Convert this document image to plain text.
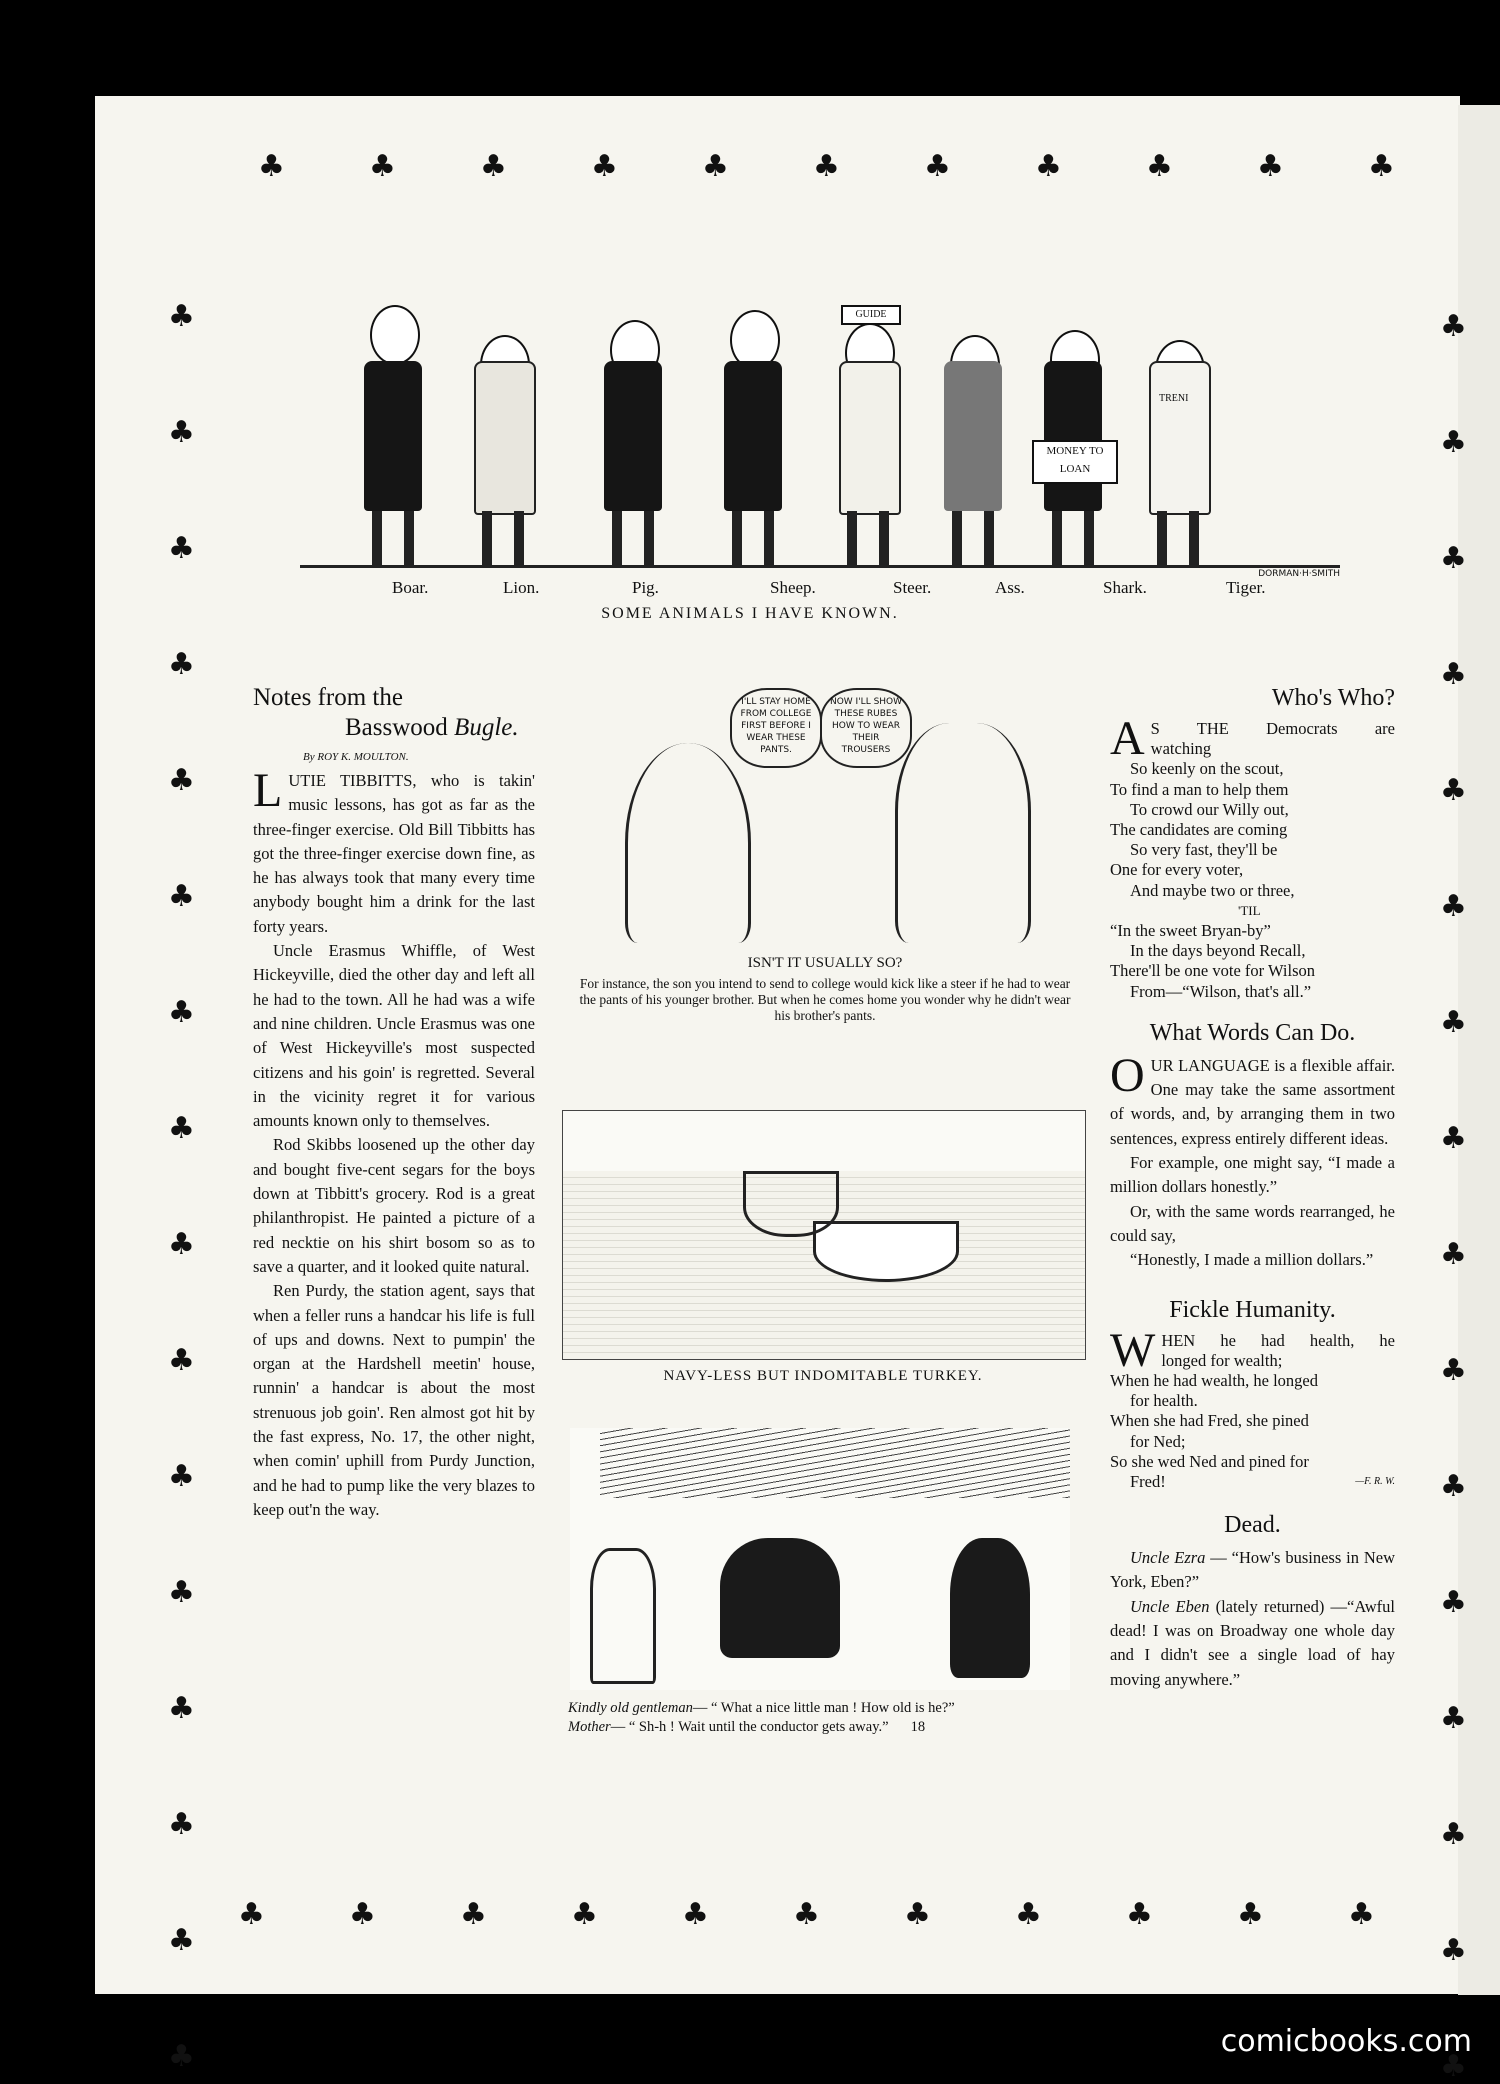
♣	♣	♣	♣	♣	♣	♣	♣	♣	♣	♣
♣	♣	♣	♣	♣	♣	♣	♣	♣	♣	♣
♣
♣
♣
♣
♣
♣
♣
♣
♣
♣
♣
♣
♣
♣
♣
♣
♣
♣
♣
♣
♣
♣
♣
♣
♣
♣
♣
♣
♣
♣
♣
♣
GUIDE
MONEY TO LOAN
TRENI
DORMAN·H·SMITH
Boar.	Lion.	Pig.	Sheep.	Steer.	Ass.	Shark.	Tiger.
SOME ANIMALS I HAVE KNOWN.
Notes from the
Basswood Bugle.
By ROY K. MOULTON.

LUTIE TIBBITTS, who is takin' music lessons, has got as far as the three-finger exercise. Old Bill Tibbitts has got the three-finger exercise down fine, as he has always took that many every time anybody bought him a drink for the last forty years.

Uncle Erasmus Whiffle, of West Hickeyville, died the other day and left all he had to the town. All he had was a wife and nine children. Uncle Erasmus was one of West Hickeyville's most suspected citizens and his goin' is regretted. Several in the vicinity regret it for various amounts known only to themselves.

Rod Skibbs loosened up the other day and bought five-cent segars for the boys down at Tibbitt's grocery. Rod is a great philanthropist. He painted a picture of a red necktie on his shirt bosom so as to save a quarter, and it looked quite natural.

Ren Purdy, the station agent, says that when a feller runs a handcar his life is full of ups and downs. Next to pumpin' the organ at the Hardshell meetin' house, runnin' a handcar is about the most strenuous job goin'. Ren almost got hit by the fast express, No. 17, the other night, when comin' uphill from Purdy Junction, and he had to pump like the very blazes to keep out'n the way.

I'LL STAY HOME FROM COLLEGE FIRST BEFORE I WEAR THESE PANTS.
NOW I'LL SHOW THESE RUBES HOW TO WEAR THEIR TROUSERS
ISN'T IT USUALLY SO?
For instance, the son you intend to send to college would kick like a steer if he had to wear the pants of his younger brother. But when he comes home you wonder why he didn't wear his brother's pants.
NAVY-LESS BUT INDOMITABLE TURKEY.
Kindly old gentleman— “ What a nice little man ! How old is he?”
Mother— “ Sh-h ! Wait until the conductor gets away.” 18
Who's Who?
A S THE Democrats are
watching
So keenly on the scout,
To find a man to help them
To crowd our Willy out,
The candidates are coming
So very fast, they'll be
One for every voter,
And maybe two or three,
'TIL
“In the sweet Bryan-by”
In the days beyond Recall,
There'll be one vote for Wilson
From—“Wilson, that's all.”
What Words Can Do.

OUR LANGUAGE is a flexible affair. One may take the same assortment of words, and, by arranging them in two sentences, express entirely different ideas.

For example, one might say, “I made a million dollars honestly.”

Or, with the same words rearranged, he could say,

“Honestly, I made a million dollars.”

Fickle Humanity.
W HEN he had health, he
longed for wealth;
When he had wealth, he longed
for health.
When she had Fred, she pined
for Ned;
So she wed Ned and pined for
Fred!	—F. R. W.
Dead.

Uncle Ezra — “How's business in New York, Eben?”

Uncle Eben (lately returned) —“Awful dead! I was on Broadway one whole day and I didn't see a single load of hay moving anywhere.”

comicbooks.com
